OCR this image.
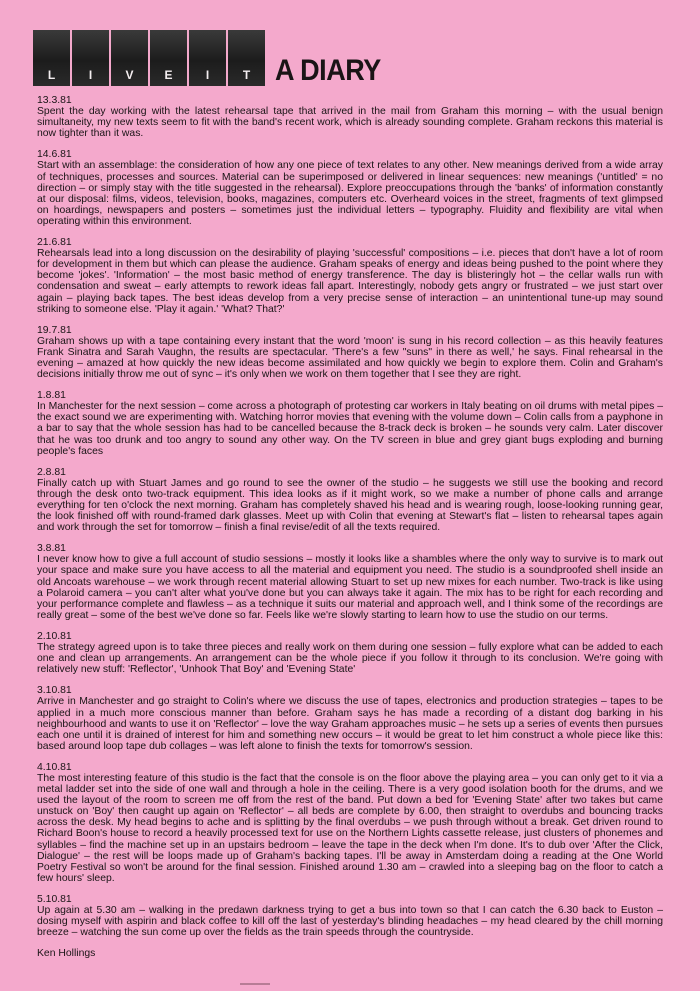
L	I	V	E	I	T A DIARY

13.3.81

Spent the day working with the latest rehearsal tape that arrived in the mail from Graham this morning – with the usual benign simultaneity, my new texts seem to fit with the band's recent work, which is already sounding complete. Graham reckons this material is now tighter than it was.

14.6.81

Start with an assemblage: the consideration of how any one piece of text relates to any other. New meanings derived from a wide array of techniques, processes and sources. Material can be superimposed or delivered in linear sequences: new meanings ('untitled' = no direction – or simply stay with the title suggested in the rehearsal). Explore preoccupations through the 'banks' of information constantly at our disposal: films, videos, television, books, magazines, computers etc. Overheard voices in the street, fragments of text glimpsed on hoardings, newspapers and posters – sometimes just the individual letters – typography. Fluidity and flexibility are vital when operating within this environment.

21.6.81

Rehearsals lead into a long discussion on the desirability of playing 'successful' compositions – i.e. pieces that don't have a lot of room for development in them but which can please the audience. Graham speaks of energy and ideas being pushed to the point where they become 'jokes'. 'Information' – the most basic method of energy transference. The day is blisteringly hot – the cellar walls run with condensation and sweat – early attempts to rework ideas fall apart. Interestingly, nobody gets angry or frustrated – we just start over again – playing back tapes. The best ideas develop from a very precise sense of interaction – an unintentional tune-up may sound striking to someone else. 'Play it again.' 'What? That?'

19.7.81

Graham shows up with a tape containing every instant that the word 'moon' is sung in his record collection – as this heavily features Frank Sinatra and Sarah Vaughn, the results are spectacular. 'There's a few "suns" in there as well,' he says. Final rehearsal in the evening – amazed at how quickly the new ideas become assimilated and how quickly we begin to explore them. Colin and Graham's decisions initially throw me out of sync – it's only when we work on them together that I see they are right.

1.8.81

In Manchester for the next session – come across a photograph of protesting car workers in Italy beating on oil drums with metal pipes – the exact sound we are experimenting with. Watching horror movies that evening with the volume down – Colin calls from a payphone in a bar to say that the whole session has had to be cancelled because the 8-track deck is broken – he sounds very calm. Later discover that he was too drunk and too angry to sound any other way. On the TV screen in blue and grey giant bugs exploding and burning people's faces

2.8.81

Finally catch up with Stuart James and go round to see the owner of the studio – he suggests we still use the booking and record through the desk onto two-track equipment. This idea looks as if it might work, so we make a number of phone calls and arrange everything for ten o'clock the next morning. Graham has completely shaved his head and is wearing rough, loose-looking running gear, the look finished off with round-framed dark glasses. Meet up with Colin that evening at Stewart's flat – listen to rehearsal tapes again and work through the set for tomorrow – finish a final revise/edit of all the texts required.

3.8.81

I never know how to give a full account of studio sessions – mostly it looks like a shambles where the only way to survive is to mark out your space and make sure you have access to all the material and equipment you need. The studio is a soundproofed shell inside an old Ancoats warehouse – we work through recent material allowing Stuart to set up new mixes for each number. Two-track is like using a Polaroid camera – you can't alter what you've done but you can always take it again. The mix has to be right for each recording and your performance complete and flawless – as a technique it suits our material and approach well, and I think some of the recordings are really great – some of the best we've done so far. Feels like we're slowly starting to learn how to use the studio on our terms.

2.10.81

The strategy agreed upon is to take three pieces and really work on them during one session – fully explore what can be added to each one and clean up arrangements. An arrangement can be the whole piece if you follow it through to its conclusion. We're going with relatively new stuff: 'Reflector', 'Unhook That Boy' and 'Evening State'

3.10.81

Arrive in Manchester and go straight to Colin's where we discuss the use of tapes, electronics and production strategies – tapes to be applied in a much more conscious manner than before. Graham says he has made a recording of a distant dog barking in his neighbourhood and wants to use it on 'Reflector' – love the way Graham approaches music – he sets up a series of events then pursues each one until it is drained of interest for him and something new occurs – it would be great to let him construct a whole piece like this: based around loop tape dub collages – was left alone to finish the texts for tomorrow's session.

4.10.81

The most interesting feature of this studio is the fact that the console is on the floor above the playing area – you can only get to it via a metal ladder set into the side of one wall and through a hole in the ceiling. There is a very good isolation booth for the drums, and we used the layout of the room to screen me off from the rest of the band. Put down a bed for 'Evening State' after two takes but came unstuck on 'Boy' then caught up again on 'Reflector' – all beds are complete by 6.00, then straight to overdubs and bouncing tracks across the desk. My head begins to ache and is splitting by the final overdubs – we push through without a break. Get driven round to Richard Boon's house to record a heavily processed text for use on the Northern Lights cassette release, just clusters of phonemes and syllables – find the machine set up in an upstairs bedroom – leave the tape in the deck when I'm done. It's to dub over 'After the Click, Dialogue' – the rest will be loops made up of Graham's backing tapes. I'll be away in Amsterdam doing a reading at the One World Poetry Festival so won't be around for the final session. Finished around 1.30 am – crawled into a sleeping bag on the floor to catch a few hours' sleep.

5.10.81

Up again at 5.30 am – walking in the predawn darkness trying to get a bus into town so that I can catch the 6.30 back to Euston – dosing myself with aspirin and black coffee to kill off the last of yesterday's blinding headaches – my head cleared by the chill morning breeze – watching the sun come up over the fields as the train speeds through the countryside.

Ken Hollings
